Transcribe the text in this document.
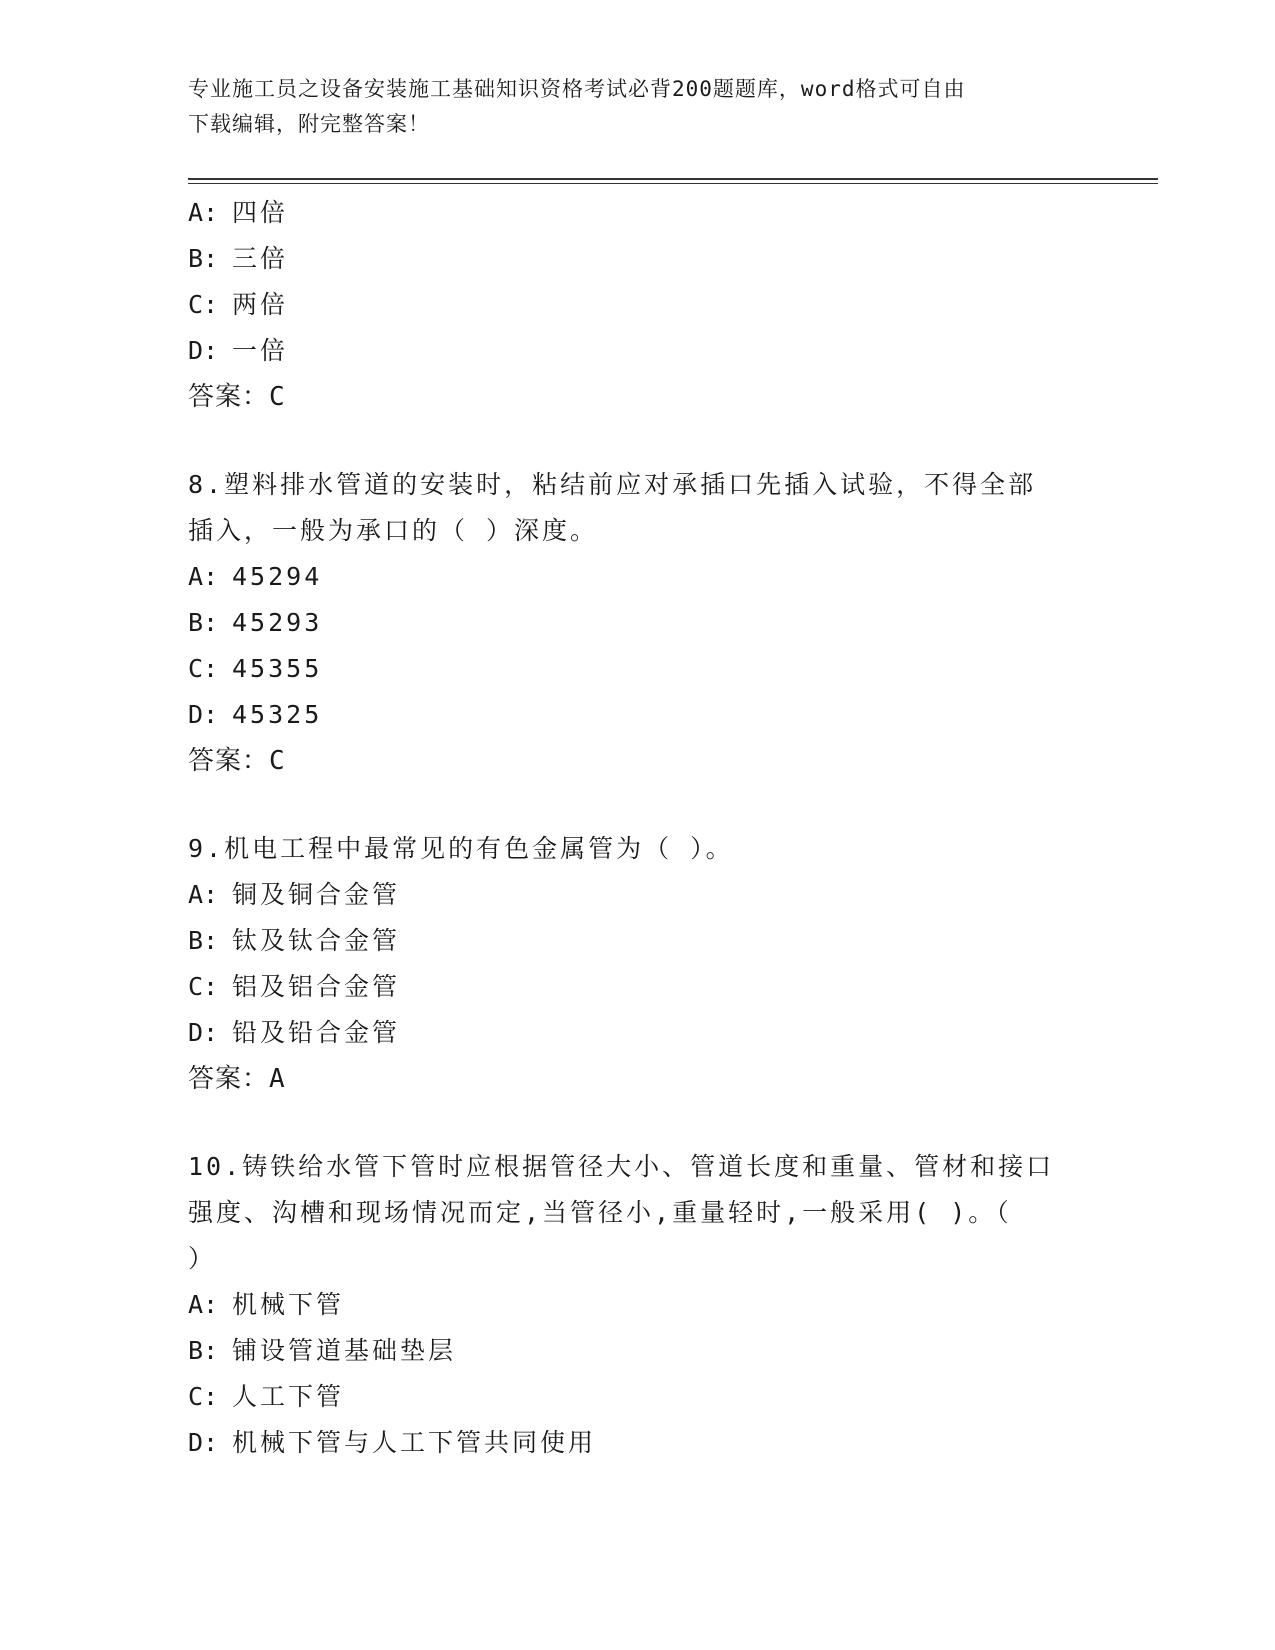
专业施工员之设备安装施工基础知识资格考试必背200题题库，word格式可自由
下载编辑，附完整答案！
A: 四倍
B: 三倍
C: 两倍
D: 一倍
答案：C
8.塑料排水管道的安装时，粘结前应对承插口先插入试验，不得全部
插入，一般为承口的（ ）深度。
A: 45294
B: 45293
C: 45355
D: 45325
答案：C
9.机电工程中最常见的有色金属管为（ ）。
A: 铜及铜合金管
B: 钛及钛合金管
C: 铝及铝合金管
D: 铅及铅合金管
答案：A
10.铸铁给水管下管时应根据管径大小、管道长度和重量、管材和接口
强度、沟槽和现场情况而定,当管径小,重量轻时,一般采用( )。（
）
A: 机械下管
B: 铺设管道基础垫层
C: 人工下管
D: 机械下管与人工下管共同使用
